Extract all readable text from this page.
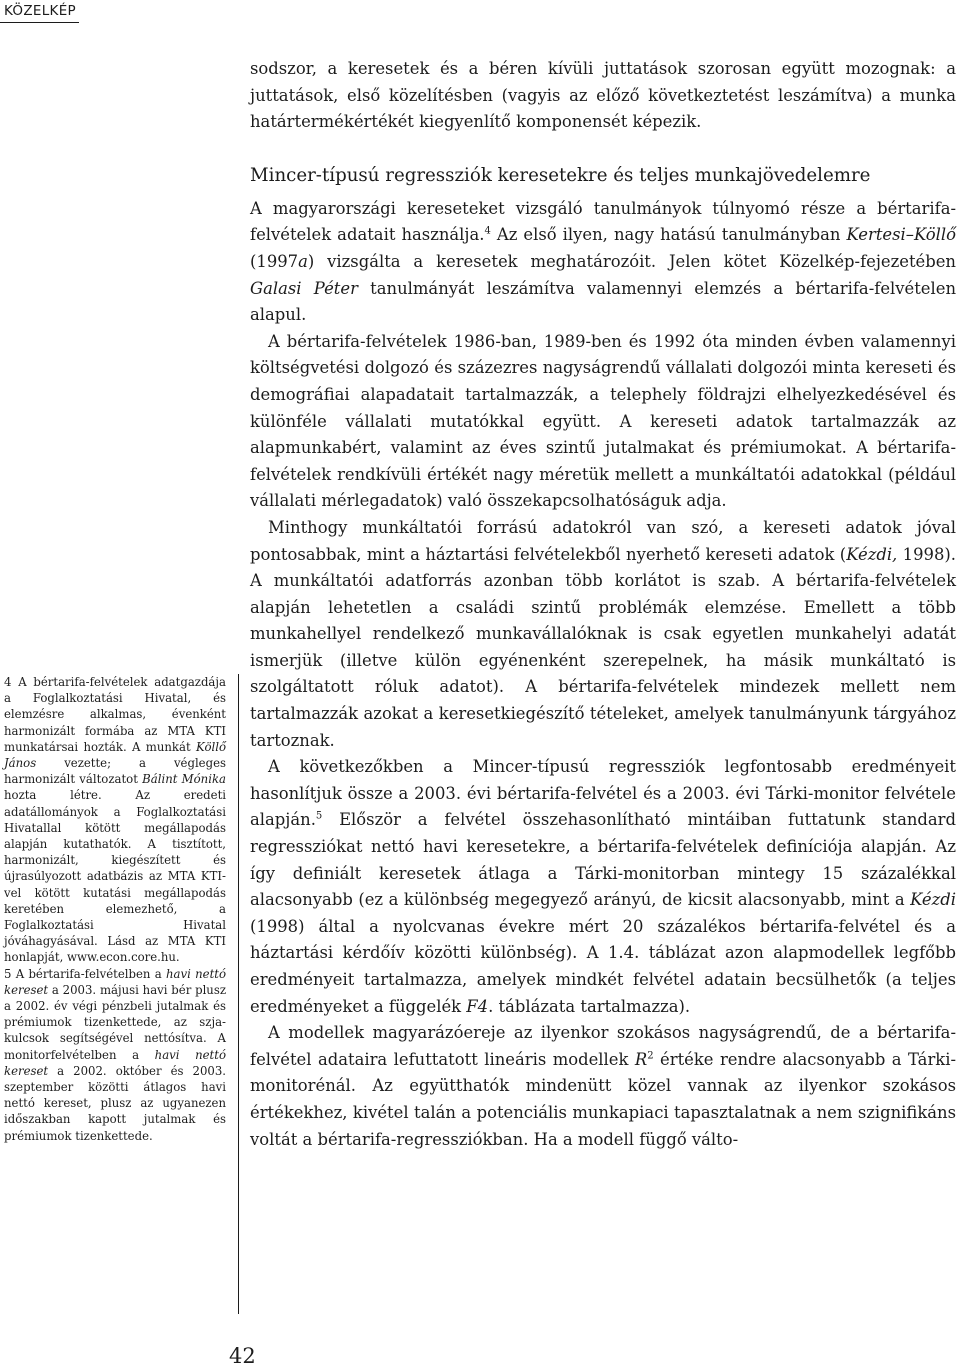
KÖZELKÉP

4 A bértarifa-felvételek adatgazdája a Foglalkoztatási Hivatal, és elemzésre alkalmas, évenként harmonizált formába az MTA KTI munkatársai hozták. A munkát Köllő János vezette; a végleges harmonizált változatot Bálint Mónika hozta létre. Az eredeti adatállományok a Foglalkoztatási Hivatallal kötött megállapodás alapján kutathatók. A tisztított, harmonizált, kiegészített és újrasúlyozott adatbázis az MTA KTI-vel kötött kutatási megállapodás keretében elemezhető, a Foglalkoztatási Hivatal jóváhagyásával. Lásd az MTA KTI honlapját, www.econ.core.hu.

5 A bértarifa-felvételben a havi nettó kereset a 2003. májusi havi bér plusz a 2002. év végi pénzbeli jutalmak és prémiumok tizenkettede, az szja-kulcsok segítségével nettósítva. A monitorfelvételben a havi nettó kereset a 2002. október és 2003. szeptember közötti átlagos havi nettó kereset, plusz az ugyanezen időszakban kapott jutalmak és prémiumok tizenkettede.

sodszor, a keresetek és a béren kívüli juttatások szorosan együtt mozognak: a juttatások, első közelítésben (vagyis az előző következtetést leszámítva) a munka határtermékértékét kiegyenlítő komponensét képezik.

Mincer-típusú regressziók keresetekre és teljes munkajövedelemre

A magyarországi kereseteket vizsgáló tanulmányok túlnyomó része a bértarifa-felvételek adatait használja.$^4$ Az első ilyen, nagy hatású tanulmányban Kertesi–Köllő (1997a) vizsgálta a keresetek meghatározóit. Jelen kötet Közelkép-fejezetében Galasi Péter tanulmányát leszámítva valamennyi elemzés a bértarifa-felvételen alapul.

A bértarifa-felvételek 1986-ban, 1989-ben és 1992 óta minden évben valamennyi költségvetési dolgozó és százezres nagyságrendű vállalati dolgozói minta kereseti és demográfiai alapadatait tartalmazzák, a telephely földrajzi elhelyezkedésével és különféle vállalati mutatókkal együtt. A kereseti adatok tartalmazzák az alapmunkabért, valamint az éves szintű jutalmakat és prémiumokat. A bértarifa-felvételek rendkívüli értékét nagy méretük mellett a munkáltatói adatokkal (például vállalati mérlegadatok) való összekapcsolhatóságuk adja.

Minthogy munkáltatói forrású adatokról van szó, a kereseti adatok jóval pontosabbak, mint a háztartási felvételekből nyerhető kereseti adatok (Kézdi, 1998). A munkáltatói adatforrás azonban több korlátot is szab. A bértarifa-felvételek alapján lehetetlen a családi szintű problémák elemzése. Emellett a több munkahellyel rendelkező munkavállalóknak is csak egyetlen munkahelyi adatát ismerjük (illetve külön egyénenként szerepelnek, ha másik munkáltató is szolgáltatott róluk adatot). A bértarifa-felvételek mindezek mellett nem tartalmazzák azokat a keresetkiegészítő tételeket, amelyek tanulmányunk tárgyához tartoznak.

A következőkben a Mincer-típusú regressziók legfontosabb eredményeit hasonlítjuk össze a 2003. évi bértarifa-felvétel és a 2003. évi Tárki-monitor felvétele alapján.$^5$ Először a felvétel összehasonlítható mintáiban futtatunk standard regressziókat nettó havi keresetekre, a bértarifa-felvételek definíciója alapján. Az így definiált keresetek átlaga a Tárki-monitorban mintegy 15 százalékkal alacsonyabb (ez a különbség megegyező arányú, de kicsit alacsonyabb, mint a Kézdi (1998) által a nyolcvanas évekre mért 20 százalékos bértarifa-felvétel és a háztartási kérdőív közötti különbség). A 1.4. táblázat azon alapmodellek legfőbb eredményeit tartalmazza, amelyek mindkét felvétel adatain becsülhetők (a teljes eredményeket a függelék F4. táblázata tartalmazza).

A modellek magyarázóereje az ilyenkor szokásos nagyságrendű, de a bértarifa-felvétel adataira lefuttatott lineáris modellek $R^2$ értéke rendre alacsonyabb a Tárki-monitorénál. Az együtthatók mindenütt közel vannak az ilyenkor szokásos értékekhez, kivétel talán a potenciális munkapiaci tapasztalatnak a nem szignifikáns voltát a bértarifa-regressziókban. Ha a modell függő válto-

42
